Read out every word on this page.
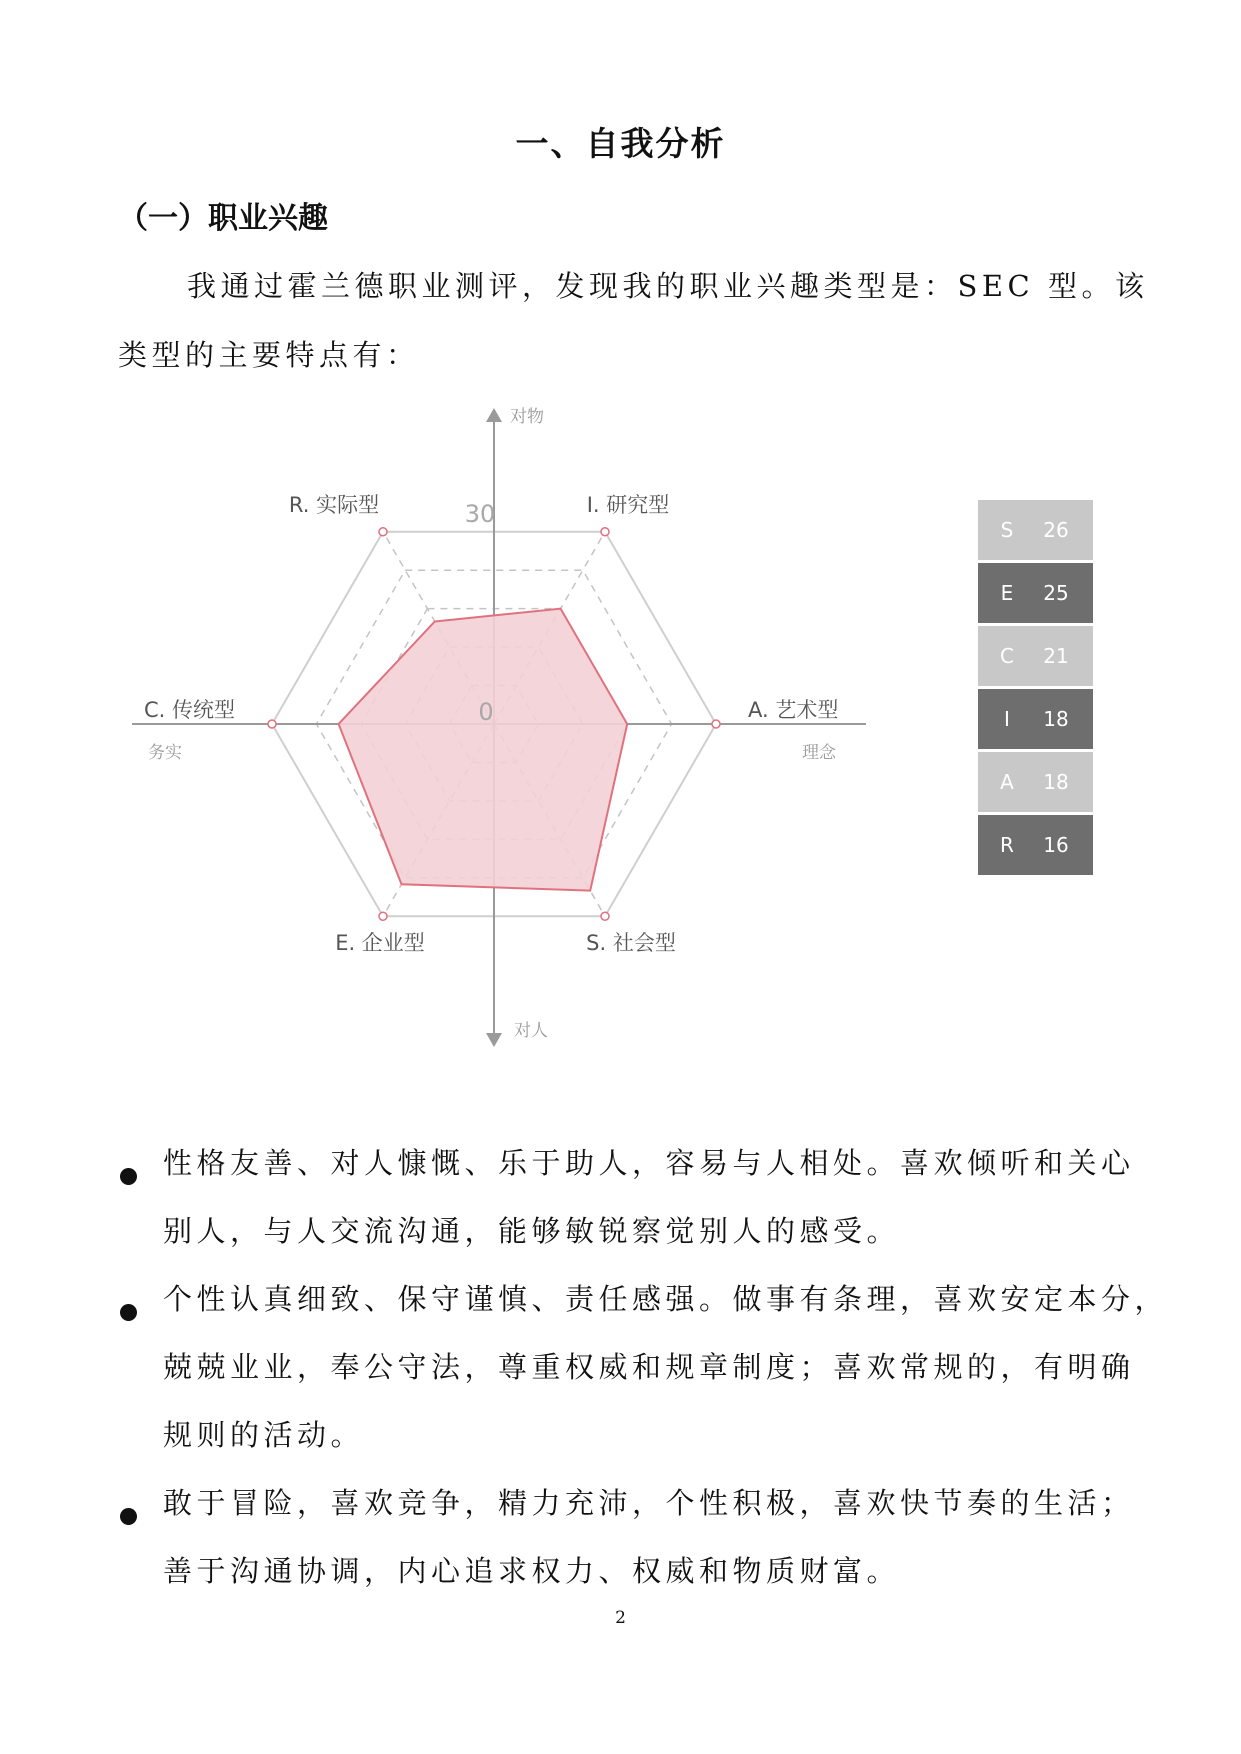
一、自我分析
（一）职业兴趣
我通过霍兰德职业测评，发现我的职业兴趣类型是：SEC 型。该
类型的主要特点有：
R. 实际型	I. 研究型
A. 艺术型
S. 社会型
E. 企业型
C. 传统型
30
0
对物
对人
务实	理念
S	26
E	25
C	21
I	18
A	18
R	16
性格友善、对人慷慨、乐于助人，容易与人相处。喜欢倾听和关心
别人，与人交流沟通，能够敏锐察觉别人的感受。
个性认真细致、保守谨慎、责任感强。做事有条理，喜欢安定本分，
兢兢业业，奉公守法，尊重权威和规章制度；喜欢常规的，有明确
规则的活动。
敢于冒险，喜欢竞争，精力充沛，个性积极，喜欢快节奏的生活；
善于沟通协调，内心追求权力、权威和物质财富。
2
